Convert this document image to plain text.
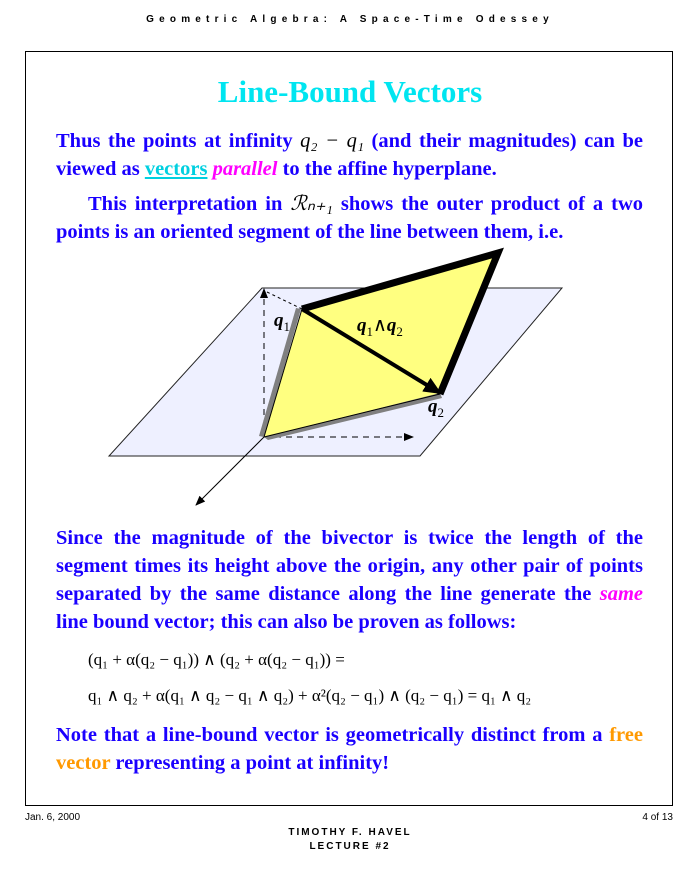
Geometric Algebra: A Space-Time Odessey
Line-Bound Vectors
Thus the points at infinity q₂ − q₁ (and their magnitudes) can be viewed as vectors parallel to the affine hyperplane.
This interpretation in ℛₙ₊₁ shows the outer product of a two points is an oriented segment of the line between them, i.e.
$q_1$	$q_1\wedge q_2$
$q_2$
Since the magnitude of the bivector is twice the length of the segment times its height above the origin, any other pair of points separated by the same distance along the line generate the same line bound vector; this can also be proven as follows:
(q₁ + α(q₂ − q₁)) ∧ (q₂ + α(q₂ − q₁)) =
q₁ ∧ q₂ + α(q₁ ∧ q₂ − q₁ ∧ q₂) + α²(q₂ − q₁) ∧ (q₂ − q₁) = q₁ ∧ q₂
Note that a line-bound vector is geometrically distinct from a free vector representing a point at infinity!
Jan. 6, 2000	4 of 13
TIMOTHY F. HAVEL
LECTURE #2
